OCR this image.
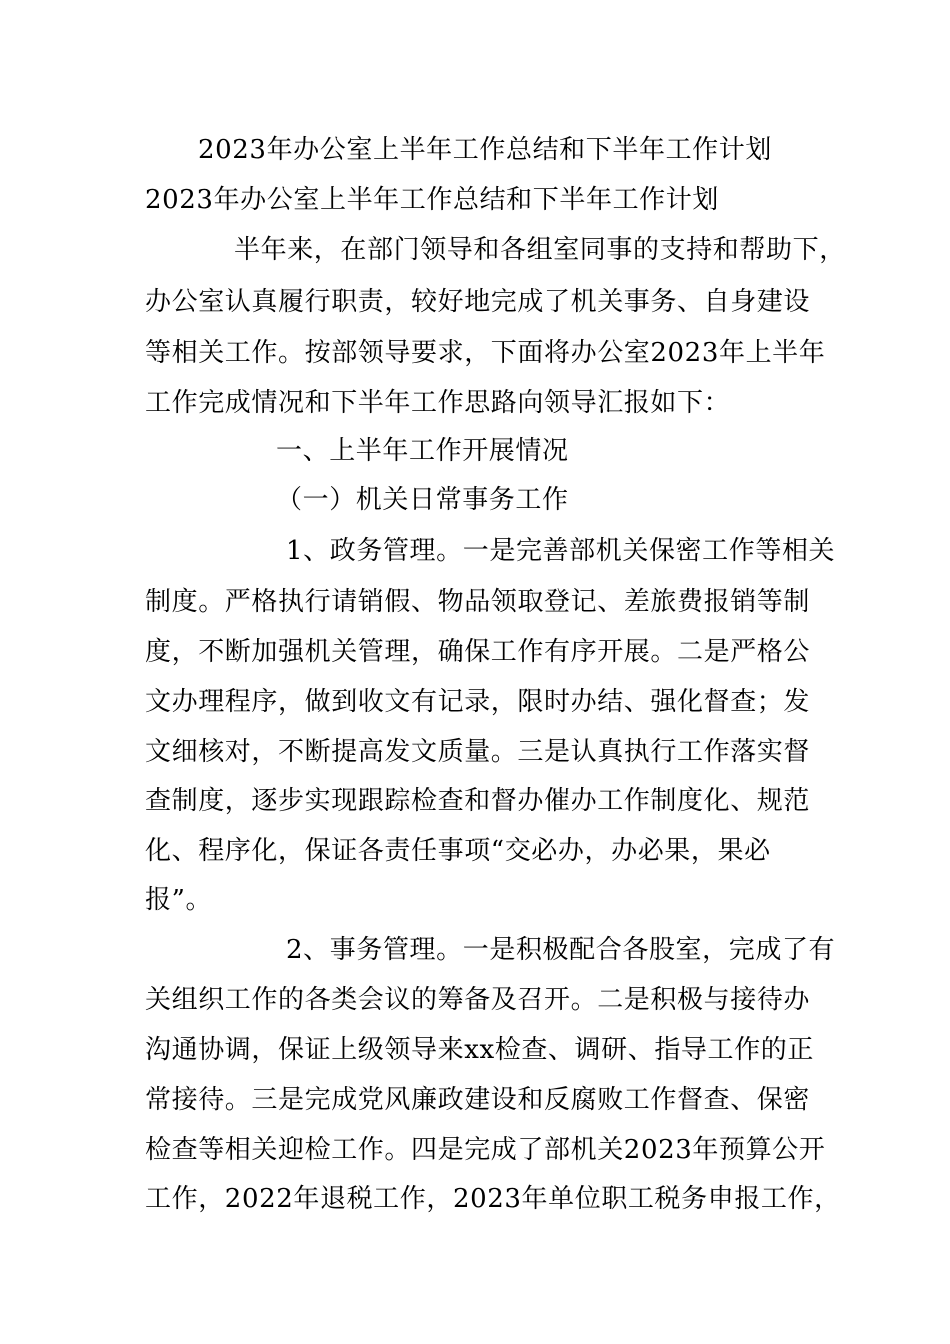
2023年办公室上半年工作总结和下半年工作计划
2023年办公室上半年工作总结和下半年工作计划
半年来，在部门领导和各组室同事的支持和帮助下，
办公室认真履行职责，较好地完成了机关事务、自身建设
等相关工作。按部领导要求，下面将办公室2023年上半年
工作完成情况和下半年工作思路向领导汇报如下：
一、上半年工作开展情况
（一）机关日常事务工作
1、政务管理。一是完善部机关保密工作等相关
制度。严格执行请销假、物品领取登记、差旅费报销等制
度，不断加强机关管理，确保工作有序开展。二是严格公
文办理程序，做到收文有记录，限时办结、强化督查；发
文细核对，不断提高发文质量。三是认真执行工作落实督
查制度，逐步实现跟踪检查和督办催办工作制度化、规范
化、程序化，保证各责任事项“交必办，办必果，果必
报”。
2、事务管理。一是积极配合各股室，完成了有
关组织工作的各类会议的筹备及召开。二是积极与接待办
沟通协调，保证上级领导来xx检查、调研、指导工作的正
常接待。三是完成党风廉政建设和反腐败工作督查、保密
检查等相关迎检工作。四是完成了部机关2023年预算公开
工作，2022年退税工作，2023年单位职工税务申报工作，
